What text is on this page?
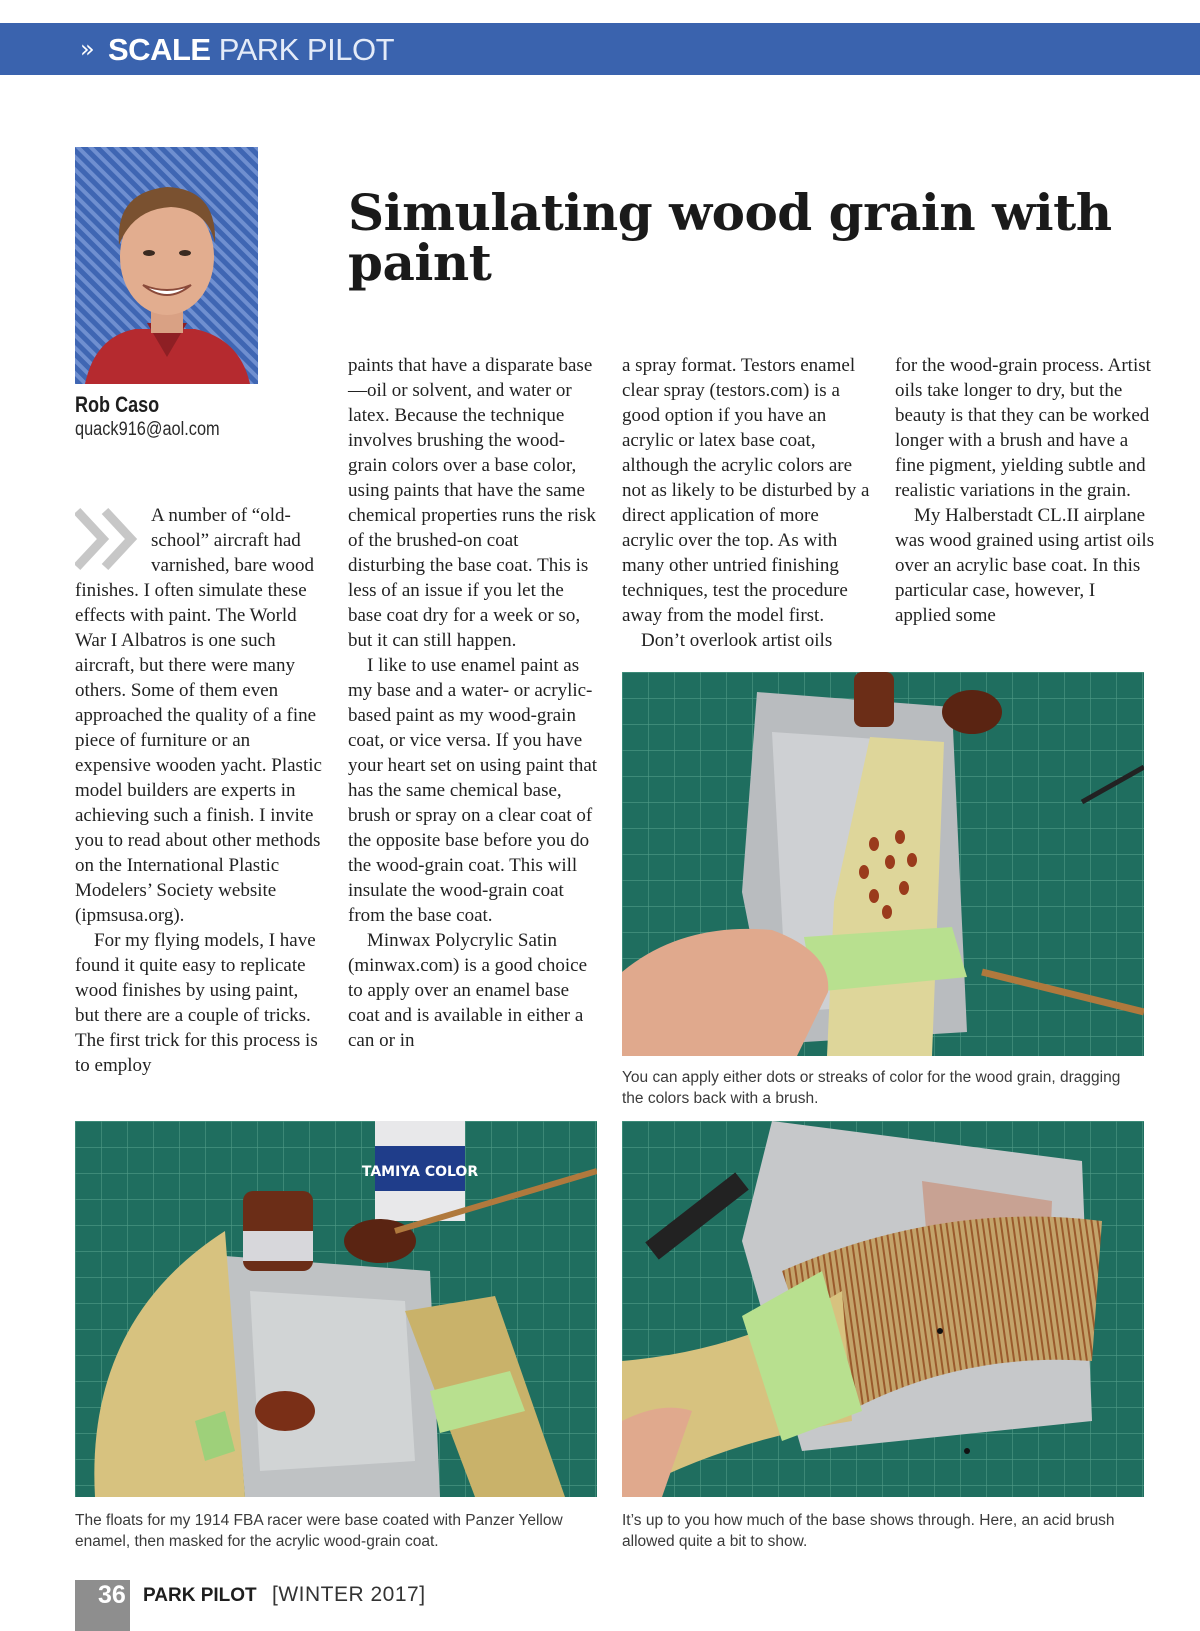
» SCALE PARK PILOT
Rob Caso
quack916@aol.com
Simulating wood grain with paint

A number of “old-school” aircraft had varnished, bare wood finishes. I often simulate these effects with paint. The World War I Albatros is one such aircraft, but there were many others. Some of them even approached the quality of a fine piece of furniture or an expensive wooden yacht. Plastic model builders are experts in achieving such a finish. I invite you to read about other methods on the International Plastic Modelers’ Society website (ipmsusa.org).

For my flying models, I have found it quite easy to replicate wood finishes by using paint, but there are a couple of tricks. The first trick for this process is to employ

paints that have a disparate base—oil or solvent, and water or latex. Because the technique involves brushing the wood-grain colors over a base color, using paints that have the same chemical properties runs the risk of the brushed-on coat disturbing the base coat. This is less of an issue if you let the base coat dry for a week or so, but it can still happen.

I like to use enamel paint as my base and a water- or acrylic-based paint as my wood-grain coat, or vice versa. If you have your heart set on using paint that has the same chemical base, brush or spray on a clear coat of the opposite base before you do the wood-grain coat. This will insulate the wood-grain coat from the base coat.

Minwax Polycrylic Satin (minwax.com) is a good choice to apply over an enamel base coat and is available in either a can or in

a spray format. Testors enamel clear spray (testors.com) is a good option if you have an acrylic or latex base coat, although the acrylic colors are not as likely to be disturbed by a direct application of more acrylic over the top. As with many other untried finishing techniques, test the procedure away from the model first.

Don’t overlook artist oils

for the wood-grain process. Artist oils take longer to dry, but the beauty is that they can be worked longer with a brush and have a fine pigment, yielding subtle and realistic variations in the grain.

My Halberstadt CL.II airplane was wood grained using artist oils over an acrylic base coat. In this particular case, however, I applied some

You can apply either dots or streaks of color for the wood grain, dragging the colors back with a brush.
TAMIYA COLOR
The floats for my 1914 FBA racer were base coated with Panzer Yellow enamel, then masked for the acrylic wood-grain coat.
It’s up to you how much of the base shows through. Here, an acid brush allowed quite a bit to show.
36 PARK PILOT [WINTER 2017]
